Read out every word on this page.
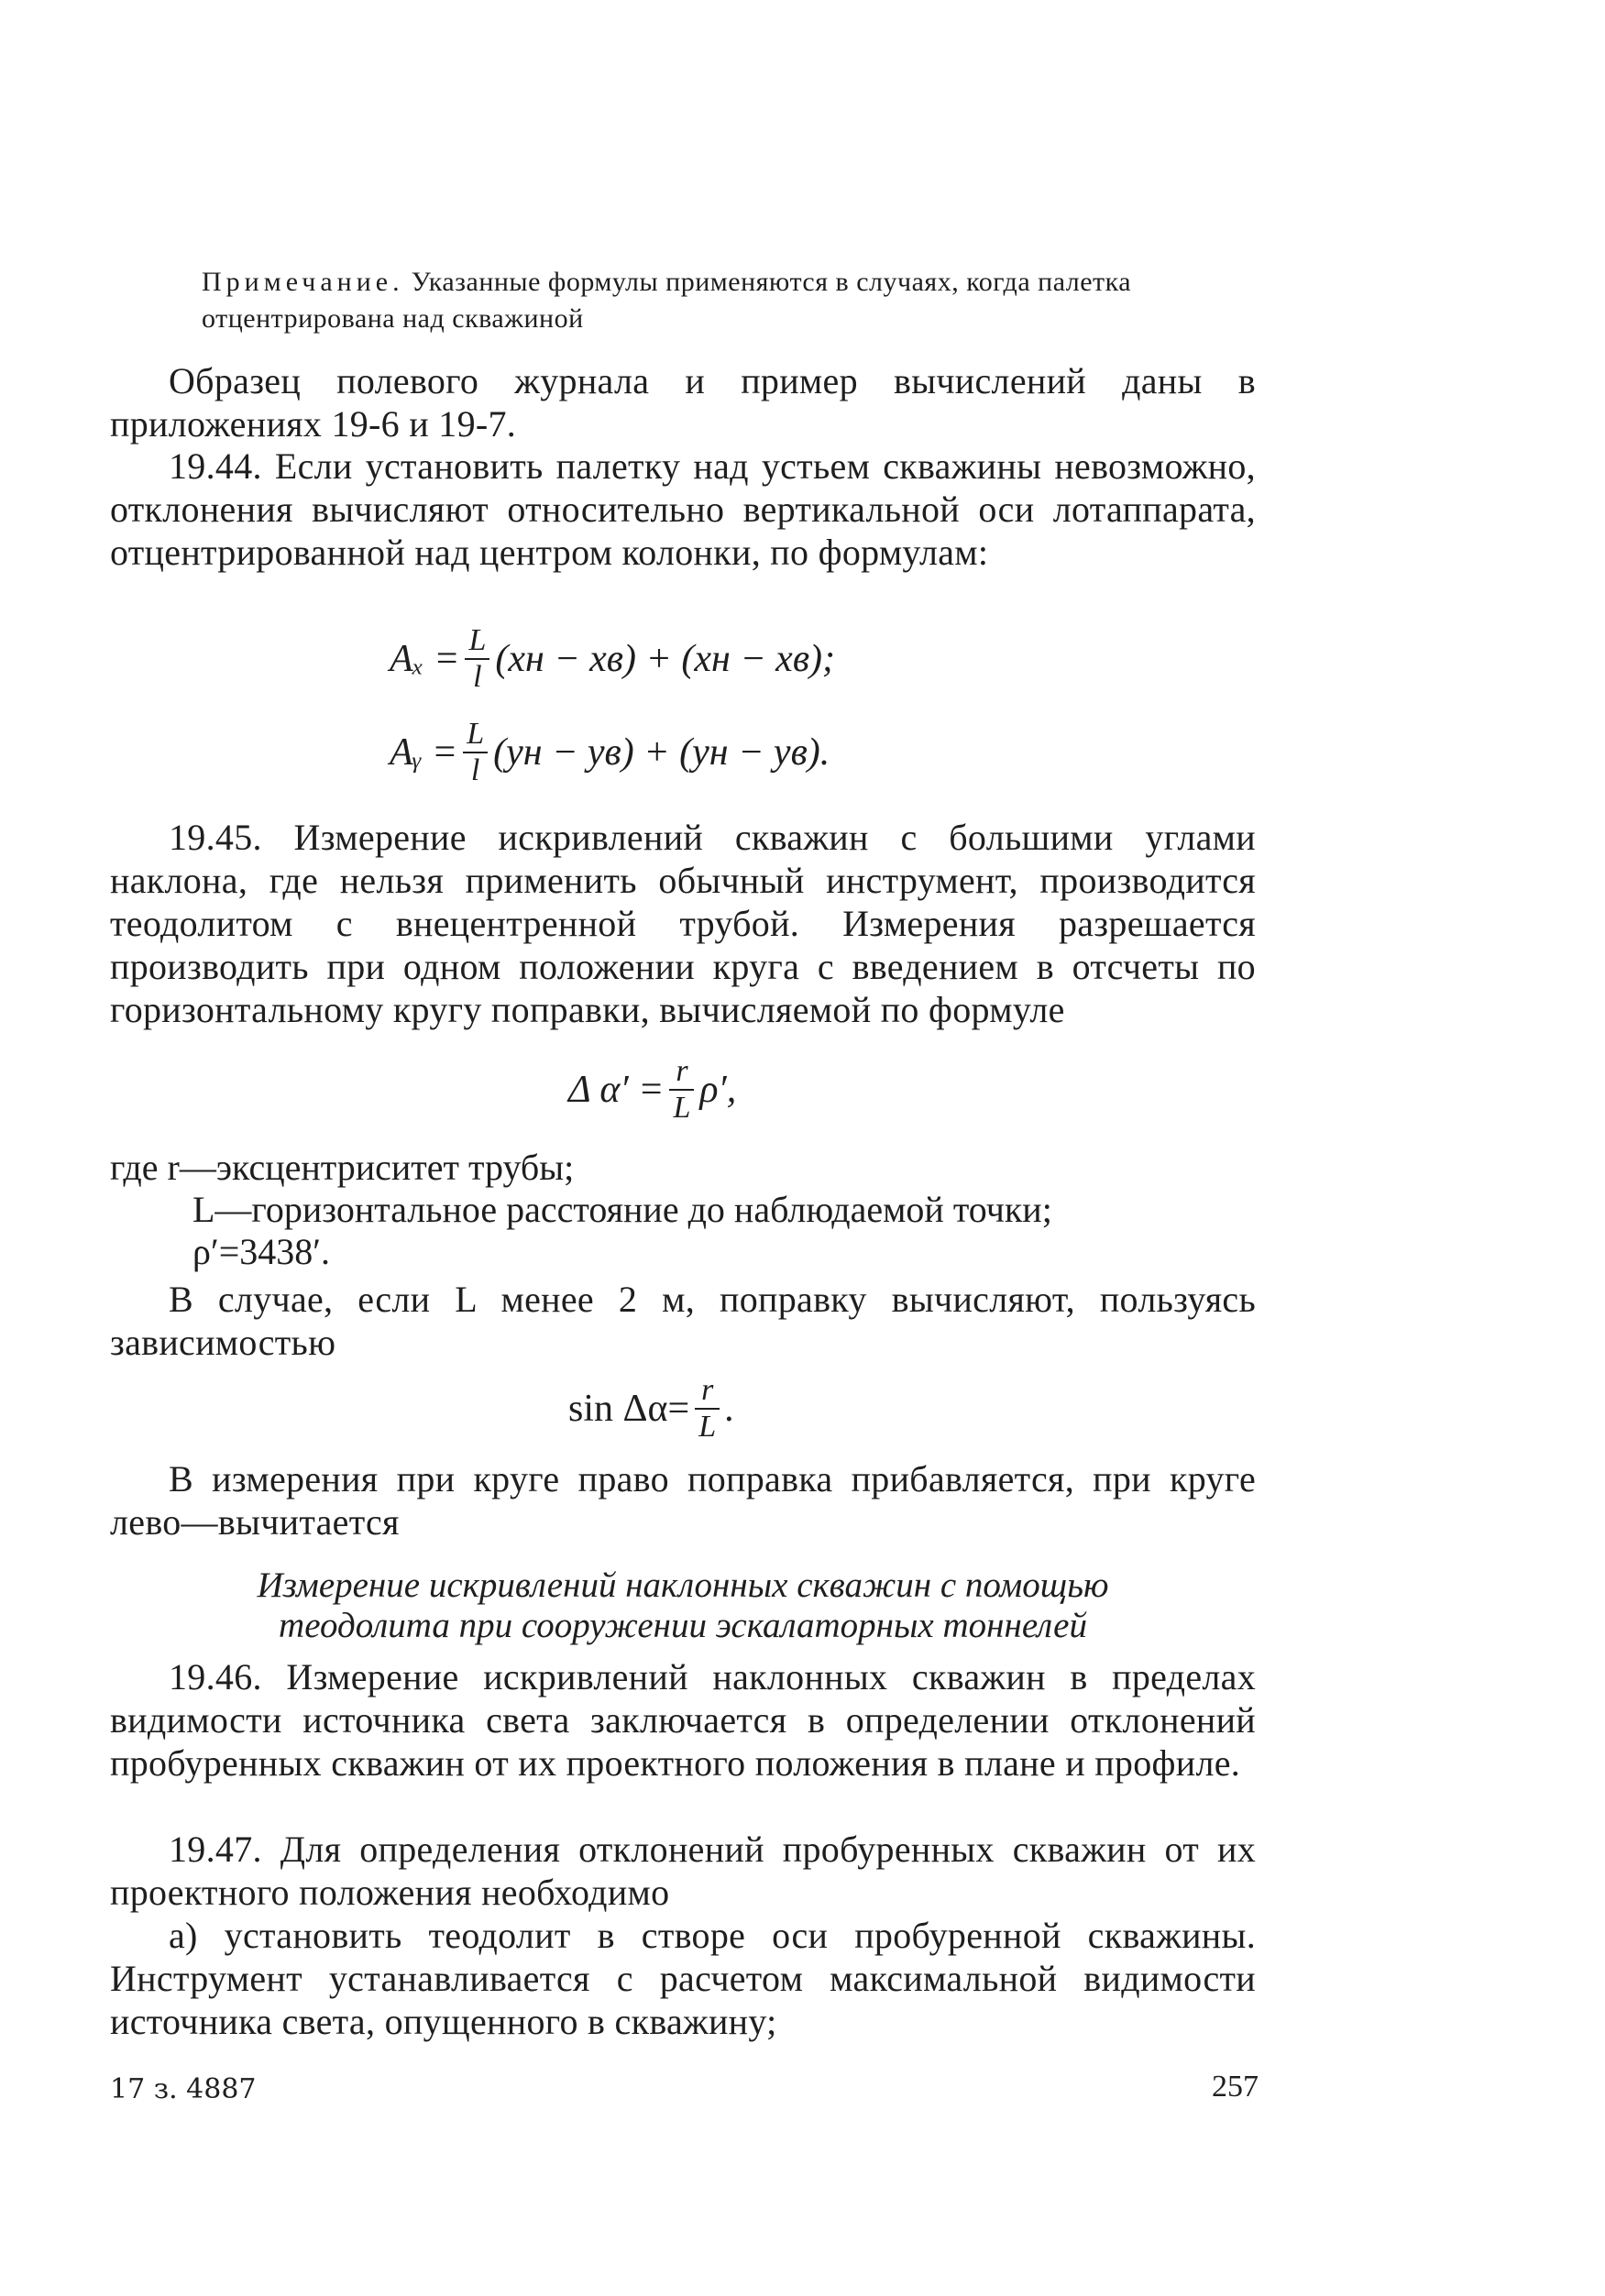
Примечание. Указанные формулы применяются в случаях, когда палетка отцентрирована над скважиной
Образец полевого журнала и пример вычислений даны в приложениях 19-6 и 19-7.
19.44. Если установить палетку над устьем скважины невозможно, отклонения вычисляют относительно вертикальной оси лотаппарата, отцентрированной над центром колонки, по формулам:
$A_x = \frac{L}{l} (xн - xв) + (xн - xв)$;
Aᵧ = $\frac{L}{l} (yн - yв) + (yн - yв)$.
19.45. Измерение искривлений скважин с большими углами наклона, где нельзя применить обычный инструмент, производится теодолитом с внецентренной трубой. Измерения разрешается производить при одном положении круга с введением в отсчеты по горизонтальному кругу поправки, вычисляемой по формуле
Δ $\alpha' = \frac{r}{L} \rho'$,
где r—эксцентриситет трубы;
L—горизонтальное расстояние до наблюдаемой точки;
ρ′=3438′.
В случае, если L менее 2 м, поправку вычисляют, пользуясь зависимостью
$\sin \Delta\alpha= \frac{r}{L}$ .
В измерения при круге право поправка прибавляется, при круге лево—вычитается
Измерение искривлений наклонных скважин с помощью
теодолита при сооружении эскалаторных тоннелей
19.46. Измерение искривлений наклонных скважин в пределах видимости источника света заключается в определении отклонений пробуренных скважин от их проектного положения в плане и профиле.
19.47. Для определения отклонений пробуренных скважин от их проектного положения необходимо
а) установить теодолит в створе оси пробуренной скважины. Инструмент устанавливается с расчетом максимальной видимости источника света, опущенного в скважину;
17 з. 4887	257
